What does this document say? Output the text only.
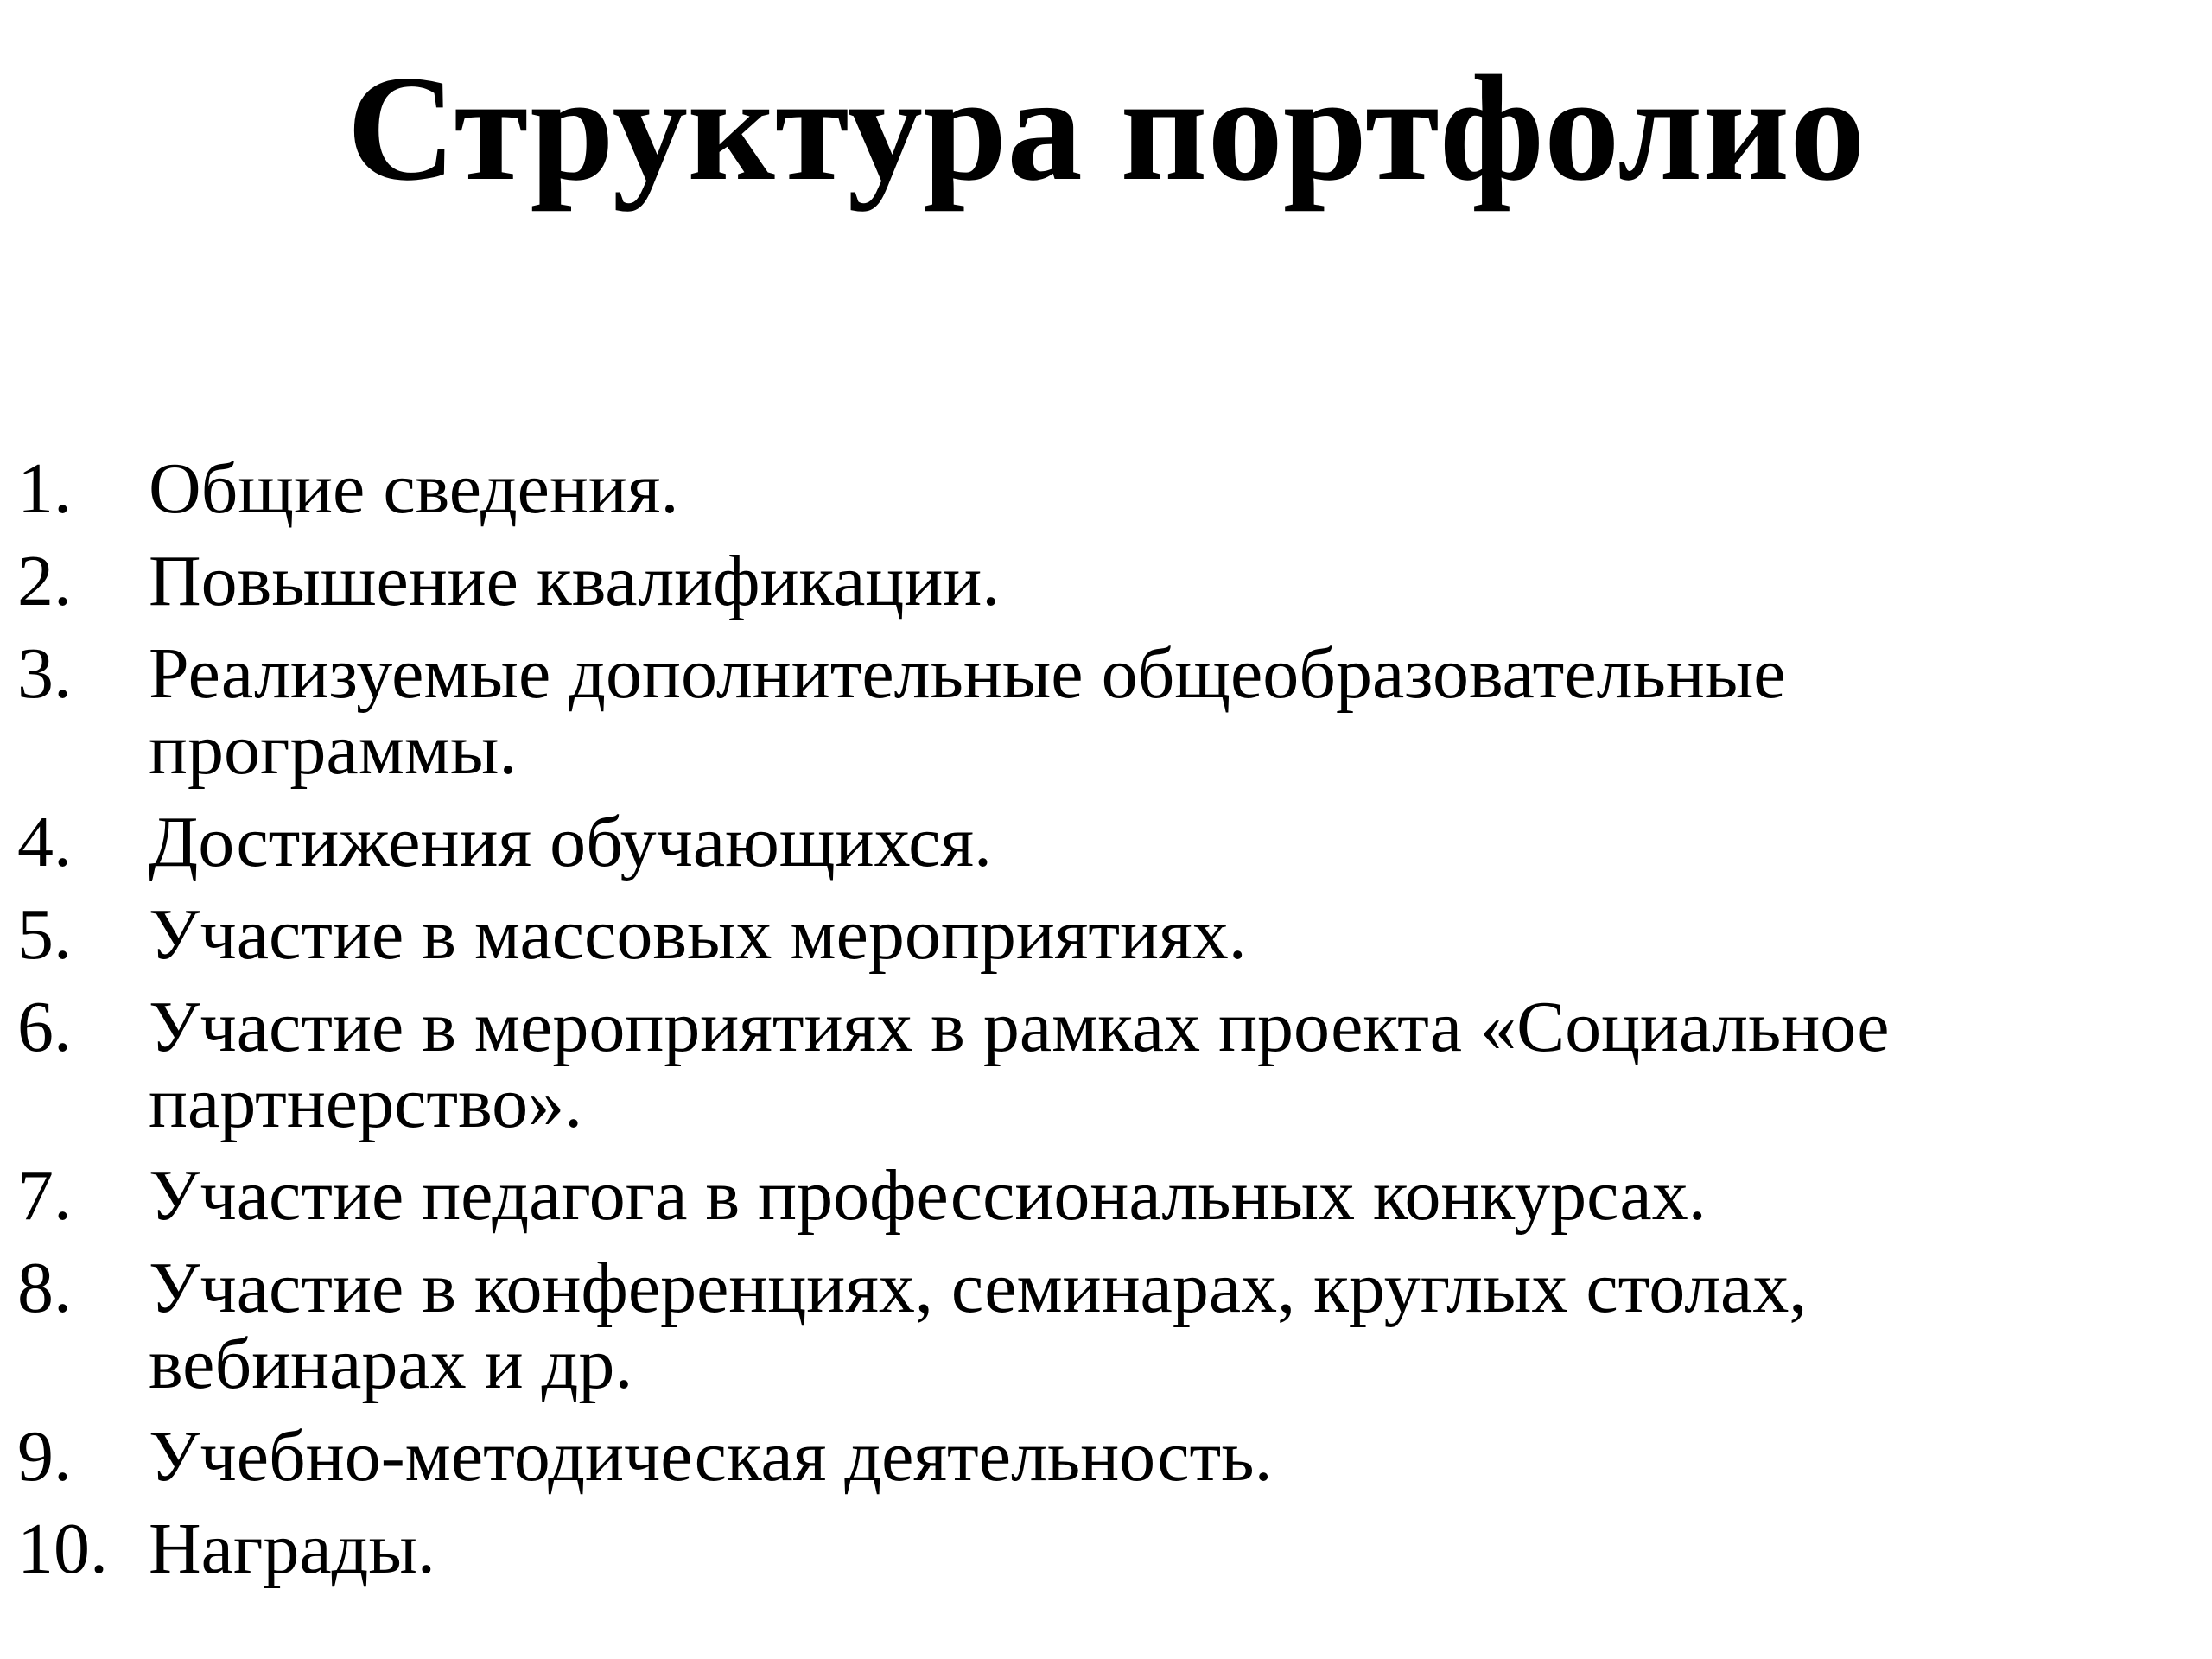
Структура портфолио
1.	Общие сведения.
2.	Повышение квалификации.
3.	Реализуемые дополнительные общеобразовательные программы.
4.	Достижения обучающихся.
5.	Участие в массовых мероприятиях.
6.	Участие в мероприятиях в рамках проекта «Социальное партнерство».
7.	Участие педагога в профессиональных конкурсах.
8.	Участие в конференциях, семинарах, круглых столах, вебинарах и др.
9.	Учебно-методическая деятельность.
10. Награды.
